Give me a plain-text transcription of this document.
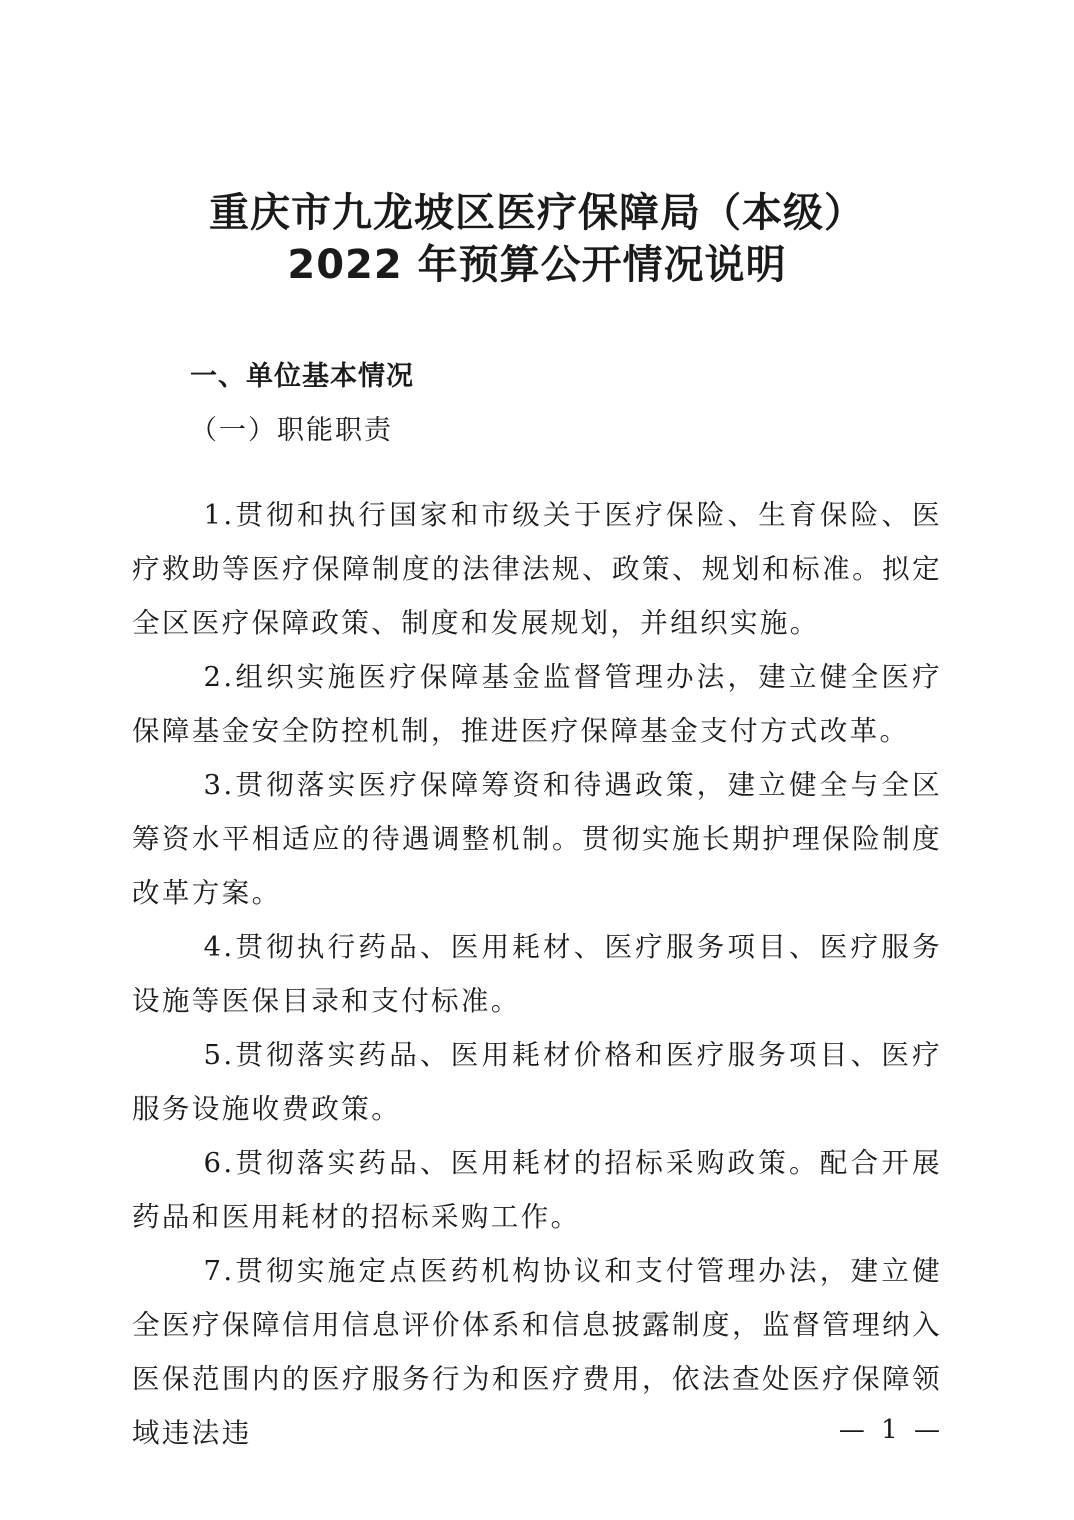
重庆市九龙坡区医疗保障局（本级）
2022 年预算公开情况说明
一、单位基本情况
（一）职能职责

1.贯彻和执行国家和市级关于医疗保险、生育保险、医疗救助等医疗保障制度的法律法规、政策、规划和标准。拟定全区医疗保障政策、制度和发展规划，并组织实施。

2.组织实施医疗保障基金监督管理办法，建立健全医疗保障基金安全防控机制，推进医疗保障基金支付方式改革。

3.贯彻落实医疗保障筹资和待遇政策，建立健全与全区筹资水平相适应的待遇调整机制。贯彻实施长期护理保险制度改革方案。

4.贯彻执行药品、医用耗材、医疗服务项目、医疗服务设施等医保目录和支付标准。

5.贯彻落实药品、医用耗材价格和医疗服务项目、医疗服务设施收费政策。

6.贯彻落实药品、医用耗材的招标采购政策。配合开展药品和医用耗材的招标采购工作。

7.贯彻实施定点医药机构协议和支付管理办法，建立健全医疗保障信用信息评价体系和信息披露制度，监督管理纳入医保范围内的医疗服务行为和医疗费用，依法查处医疗保障领域违法违	— 1 —
